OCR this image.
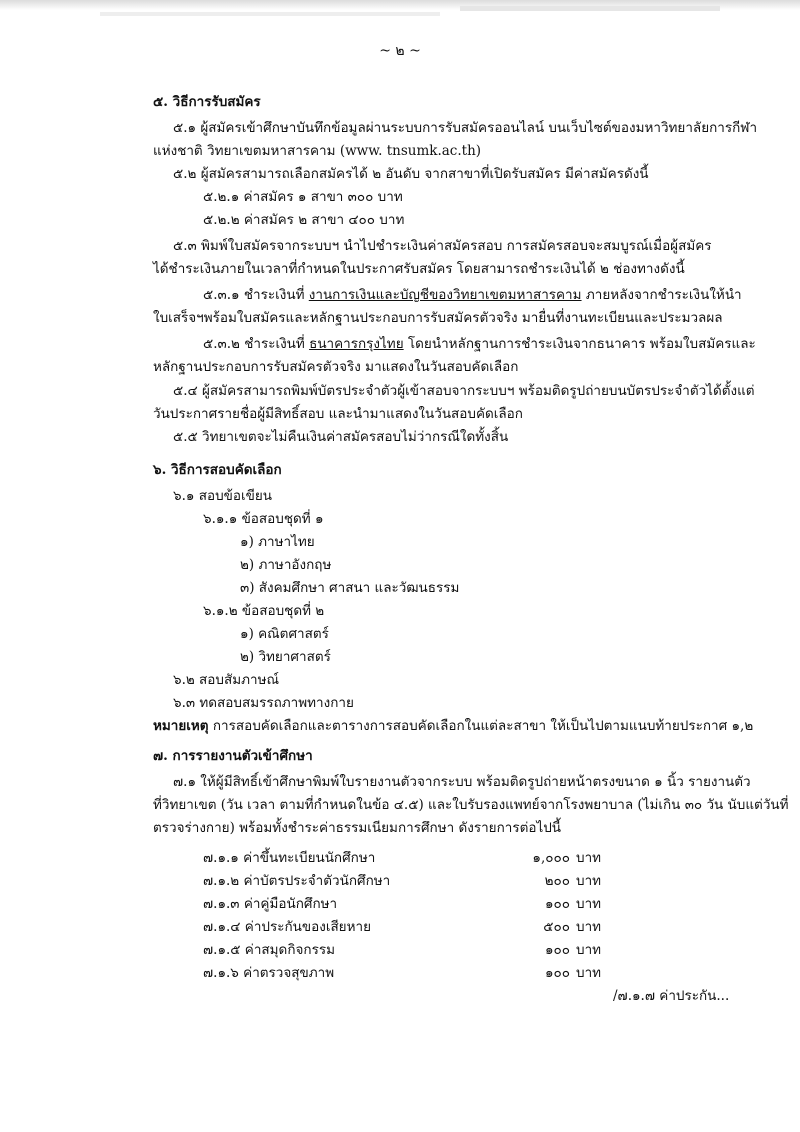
~ ๒ ~
๕. วิธีการรับสมัคร
๕.๑ ผู้สมัครเข้าศึกษาบันทึกข้อมูลผ่านระบบการรับสมัครออนไลน์ บนเว็บไซต์ของมหาวิทยาลัยการกีฬา
แห่งชาติ วิทยาเขตมหาสารคาม (www. tnsumk.ac.th)
๕.๒ ผู้สมัครสามารถเลือกสมัครได้ ๒ อันดับ จากสาขาที่เปิดรับสมัคร มีค่าสมัครดังนี้
๕.๒.๑ ค่าสมัคร ๑ สาขา ๓๐๐ บาท
๕.๒.๒ ค่าสมัคร ๒ สาขา ๔๐๐ บาท
๕.๓ พิมพ์ใบสมัครจากระบบฯ นำไปชำระเงินค่าสมัครสอบ การสมัครสอบจะสมบูรณ์เมื่อผู้สมัคร
ได้ชำระเงินภายในเวลาที่กำหนดในประกาศรับสมัคร โดยสามารถชำระเงินได้ ๒ ช่องทางดังนี้
๕.๓.๑ ชำระเงินที่ งานการเงินและบัญชีของวิทยาเขตมหาสารคาม ภายหลังจากชำระเงินให้นำ
ใบเสร็จฯพร้อมใบสมัครและหลักฐานประกอบการรับสมัครตัวจริง มายื่นที่งานทะเบียนและประมวลผล
๕.๓.๒ ชำระเงินที่ ธนาคารกรุงไทย โดยนำหลักฐานการชำระเงินจากธนาคาร พร้อมใบสมัครและ
หลักฐานประกอบการรับสมัครตัวจริง มาแสดงในวันสอบคัดเลือก
๕.๔ ผู้สมัครสามารถพิมพ์บัตรประจำตัวผู้เข้าสอบจากระบบฯ พร้อมติดรูปถ่ายบนบัตรประจำตัวได้ตั้งแต่
วันประกาศรายชื่อผู้มีสิทธิ์สอบ และนำมาแสดงในวันสอบคัดเลือก
๕.๕ วิทยาเขตจะไม่คืนเงินค่าสมัครสอบไม่ว่ากรณีใดทั้งสิ้น
๖. วิธีการสอบคัดเลือก
๖.๑ สอบข้อเขียน
๖.๑.๑ ข้อสอบชุดที่ ๑
๑) ภาษาไทย
๒) ภาษาอังกฤษ
๓) สังคมศึกษา ศาสนา และวัฒนธรรม
๖.๑.๒ ข้อสอบชุดที่ ๒
๑) คณิตศาสตร์
๒) วิทยาศาสตร์
๖.๒ สอบสัมภาษณ์
๖.๓ ทดสอบสมรรถภาพทางกาย
หมายเหตุ การสอบคัดเลือกและตารางการสอบคัดเลือกในแต่ละสาขา ให้เป็นไปตามแนบท้ายประกาศ ๑,๒
๗. การรายงานตัวเข้าศึกษา
๗.๑ ให้ผู้มีสิทธิ์เข้าศึกษาพิมพ์ใบรายงานตัวจากระบบ พร้อมติดรูปถ่ายหน้าตรงขนาด ๑ นิ้ว รายงานตัว
ที่วิทยาเขต (วัน เวลา ตามที่กำหนดในข้อ ๔.๕) และใบรับรองแพทย์จากโรงพยาบาล (ไม่เกิน ๓๐ วัน นับแต่วันที่
ตรวจร่างกาย) พร้อมทั้งชำระค่าธรรมเนียมการศึกษา ดังรายการต่อไปนี้
๗.๑.๑ ค่าขึ้นทะเบียนนักศึกษา	๑,๐๐๐ บาท
๗.๑.๒ ค่าบัตรประจำตัวนักศึกษา	๒๐๐ บาท
๗.๑.๓ ค่าคู่มือนักศึกษา	๑๐๐ บาท
๗.๑.๔ ค่าประกันของเสียหาย	๕๐๐ บาท
๗.๑.๕ ค่าสมุดกิจกรรม	๑๐๐ บาท
๗.๑.๖ ค่าตรวจสุขภาพ	๑๐๐ บาท
/๗.๑.๗ ค่าประกัน...
